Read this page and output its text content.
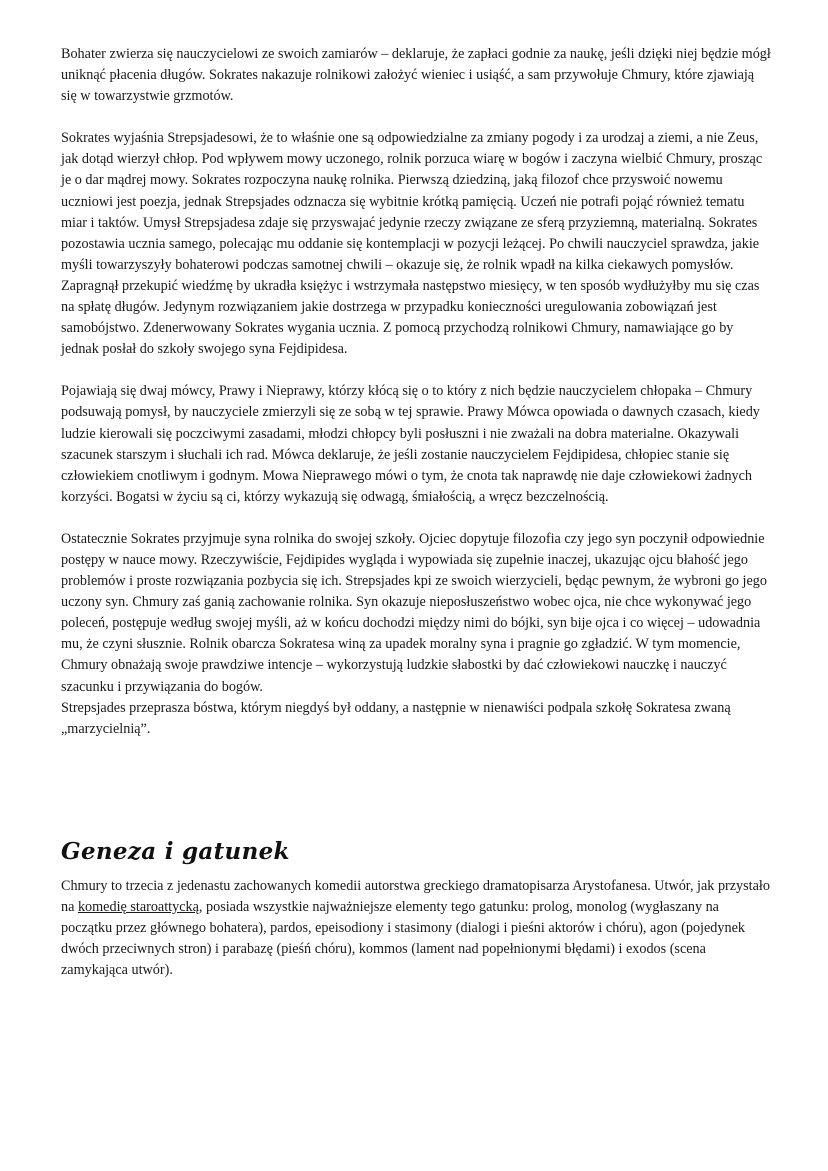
Bohater zwierza się nauczycielowi ze swoich zamiarów – deklaruje, że zapłaci godnie za naukę, jeśli dzięki niej będzie mógł uniknąć płacenia długów. Sokrates nakazuje rolnikowi założyć wieniec i usiąść, a sam przywołuje Chmury, które zjawiają się w towarzystwie grzmotów.

Sokrates wyjaśnia Strepsjadesowi, że to właśnie one są odpowiedzialne za zmiany pogody i za urodzaj a ziemi, a nie Zeus, jak dotąd wierzył chłop. Pod wpływem mowy uczonego, rolnik porzuca wiarę w bogów i zaczyna wielbić Chmury, prosząc je o dar mądrej mowy. Sokrates rozpoczyna naukę rolnika. Pierwszą dziedziną, jaką filozof chce przyswoić nowemu uczniowi jest poezja, jednak Strepsjades odznacza się wybitnie krótką pamięcią. Uczeń nie potrafi pojąć również tematu miar i taktów. Umysł Strepsjadesa zdaje się przyswajać jedynie rzeczy związane ze sferą przyziemną, materialną. Sokrates pozostawia ucznia samego, polecając mu oddanie się kontemplacji w pozycji leżącej. Po chwili nauczyciel sprawdza, jakie myśli towarzyszyły bohaterowi podczas samotnej chwili – okazuje się, że rolnik wpadł na kilka ciekawych pomysłów. Zapragnął przekupić wiedźmę by ukradła księżyc i wstrzymała następstwo miesięcy, w ten sposób wydłużyłby mu się czas na spłatę długów. Jedynym rozwiązaniem jakie dostrzega w przypadku konieczności uregulowania zobowiązań jest samobójstwo. Zdenerwowany Sokrates wygania ucznia. Z pomocą przychodzą rolnikowi Chmury, namawiające go by jednak posłał do szkoły swojego syna Fejdipidesa.

Pojawiają się dwaj mówcy, Prawy i Nieprawy, którzy kłócą się o to który z nich będzie nauczycielem chłopaka – Chmury podsuwają pomysł, by nauczyciele zmierzyli się ze sobą w tej sprawie. Prawy Mówca opowiada o dawnych czasach, kiedy ludzie kierowali się poczciwymi zasadami, młodzi chłopcy byli posłuszni i nie zważali na dobra materialne. Okazywali szacunek starszym i słuchali ich rad. Mówca deklaruje, że jeśli zostanie nauczycielem Fejdipidesa, chłopiec stanie się człowiekiem cnotliwym i godnym. Mowa Nieprawego mówi o tym, że cnota tak naprawdę nie daje człowiekowi żadnych korzyści. Bogatsi w życiu są ci, którzy wykazują się odwagą, śmiałością, a wręcz bezczelnością.

Ostatecznie Sokrates przyjmuje syna rolnika do swojej szkoły. Ojciec dopytuje filozofia czy jego syn poczynił odpowiednie postępy w nauce mowy. Rzeczywiście, Fejdipides wygląda i wypowiada się zupełnie inaczej, ukazując ojcu błahość jego problemów i proste rozwiązania pozbycia się ich. Strepsjades kpi ze swoich wierzycieli, będąc pewnym, że wybroni go jego uczony syn. Chmury zaś ganią zachowanie rolnika. Syn okazuje nieposłuszeństwo wobec ojca, nie chce wykonywać jego poleceń, postępuje według swojej myśli, aż w końcu dochodzi między nimi do bójki, syn bije ojca i co więcej – udowadnia mu, że czyni słusznie. Rolnik obarcza Sokratesa winą za upadek moralny syna i pragnie go zgładzić. W tym momencie, Chmury obnażają swoje prawdziwe intencje – wykorzystują ludzkie słabostki by dać człowiekowi nauczkę i nauczyć szacunku i przywiązania do bogów.

Strepsjades przeprasza bóstwa, którym niegdyś był oddany, a następnie w nienawiści podpala szkołę Sokratesa zwaną „marzycielnią”.

Geneza i gatunek

Chmury to trzecia z jedenastu zachowanych komedii autorstwa greckiego dramatopisarza Arystofanesa. Utwór, jak przystało na komedię staroattycką, posiada wszystkie najważniejsze elementy tego gatunku: prolog, monolog (wygłaszany na początku przez głównego bohatera), pardos, epeisodiony i stasimony (dialogi i pieśni aktorów i chóru), agon (pojedynek dwóch przeciwnych stron) i parabazę (pieśń chóru), kommos (lament nad popełnionymi błędami) i exodos (scena zamykająca utwór).
